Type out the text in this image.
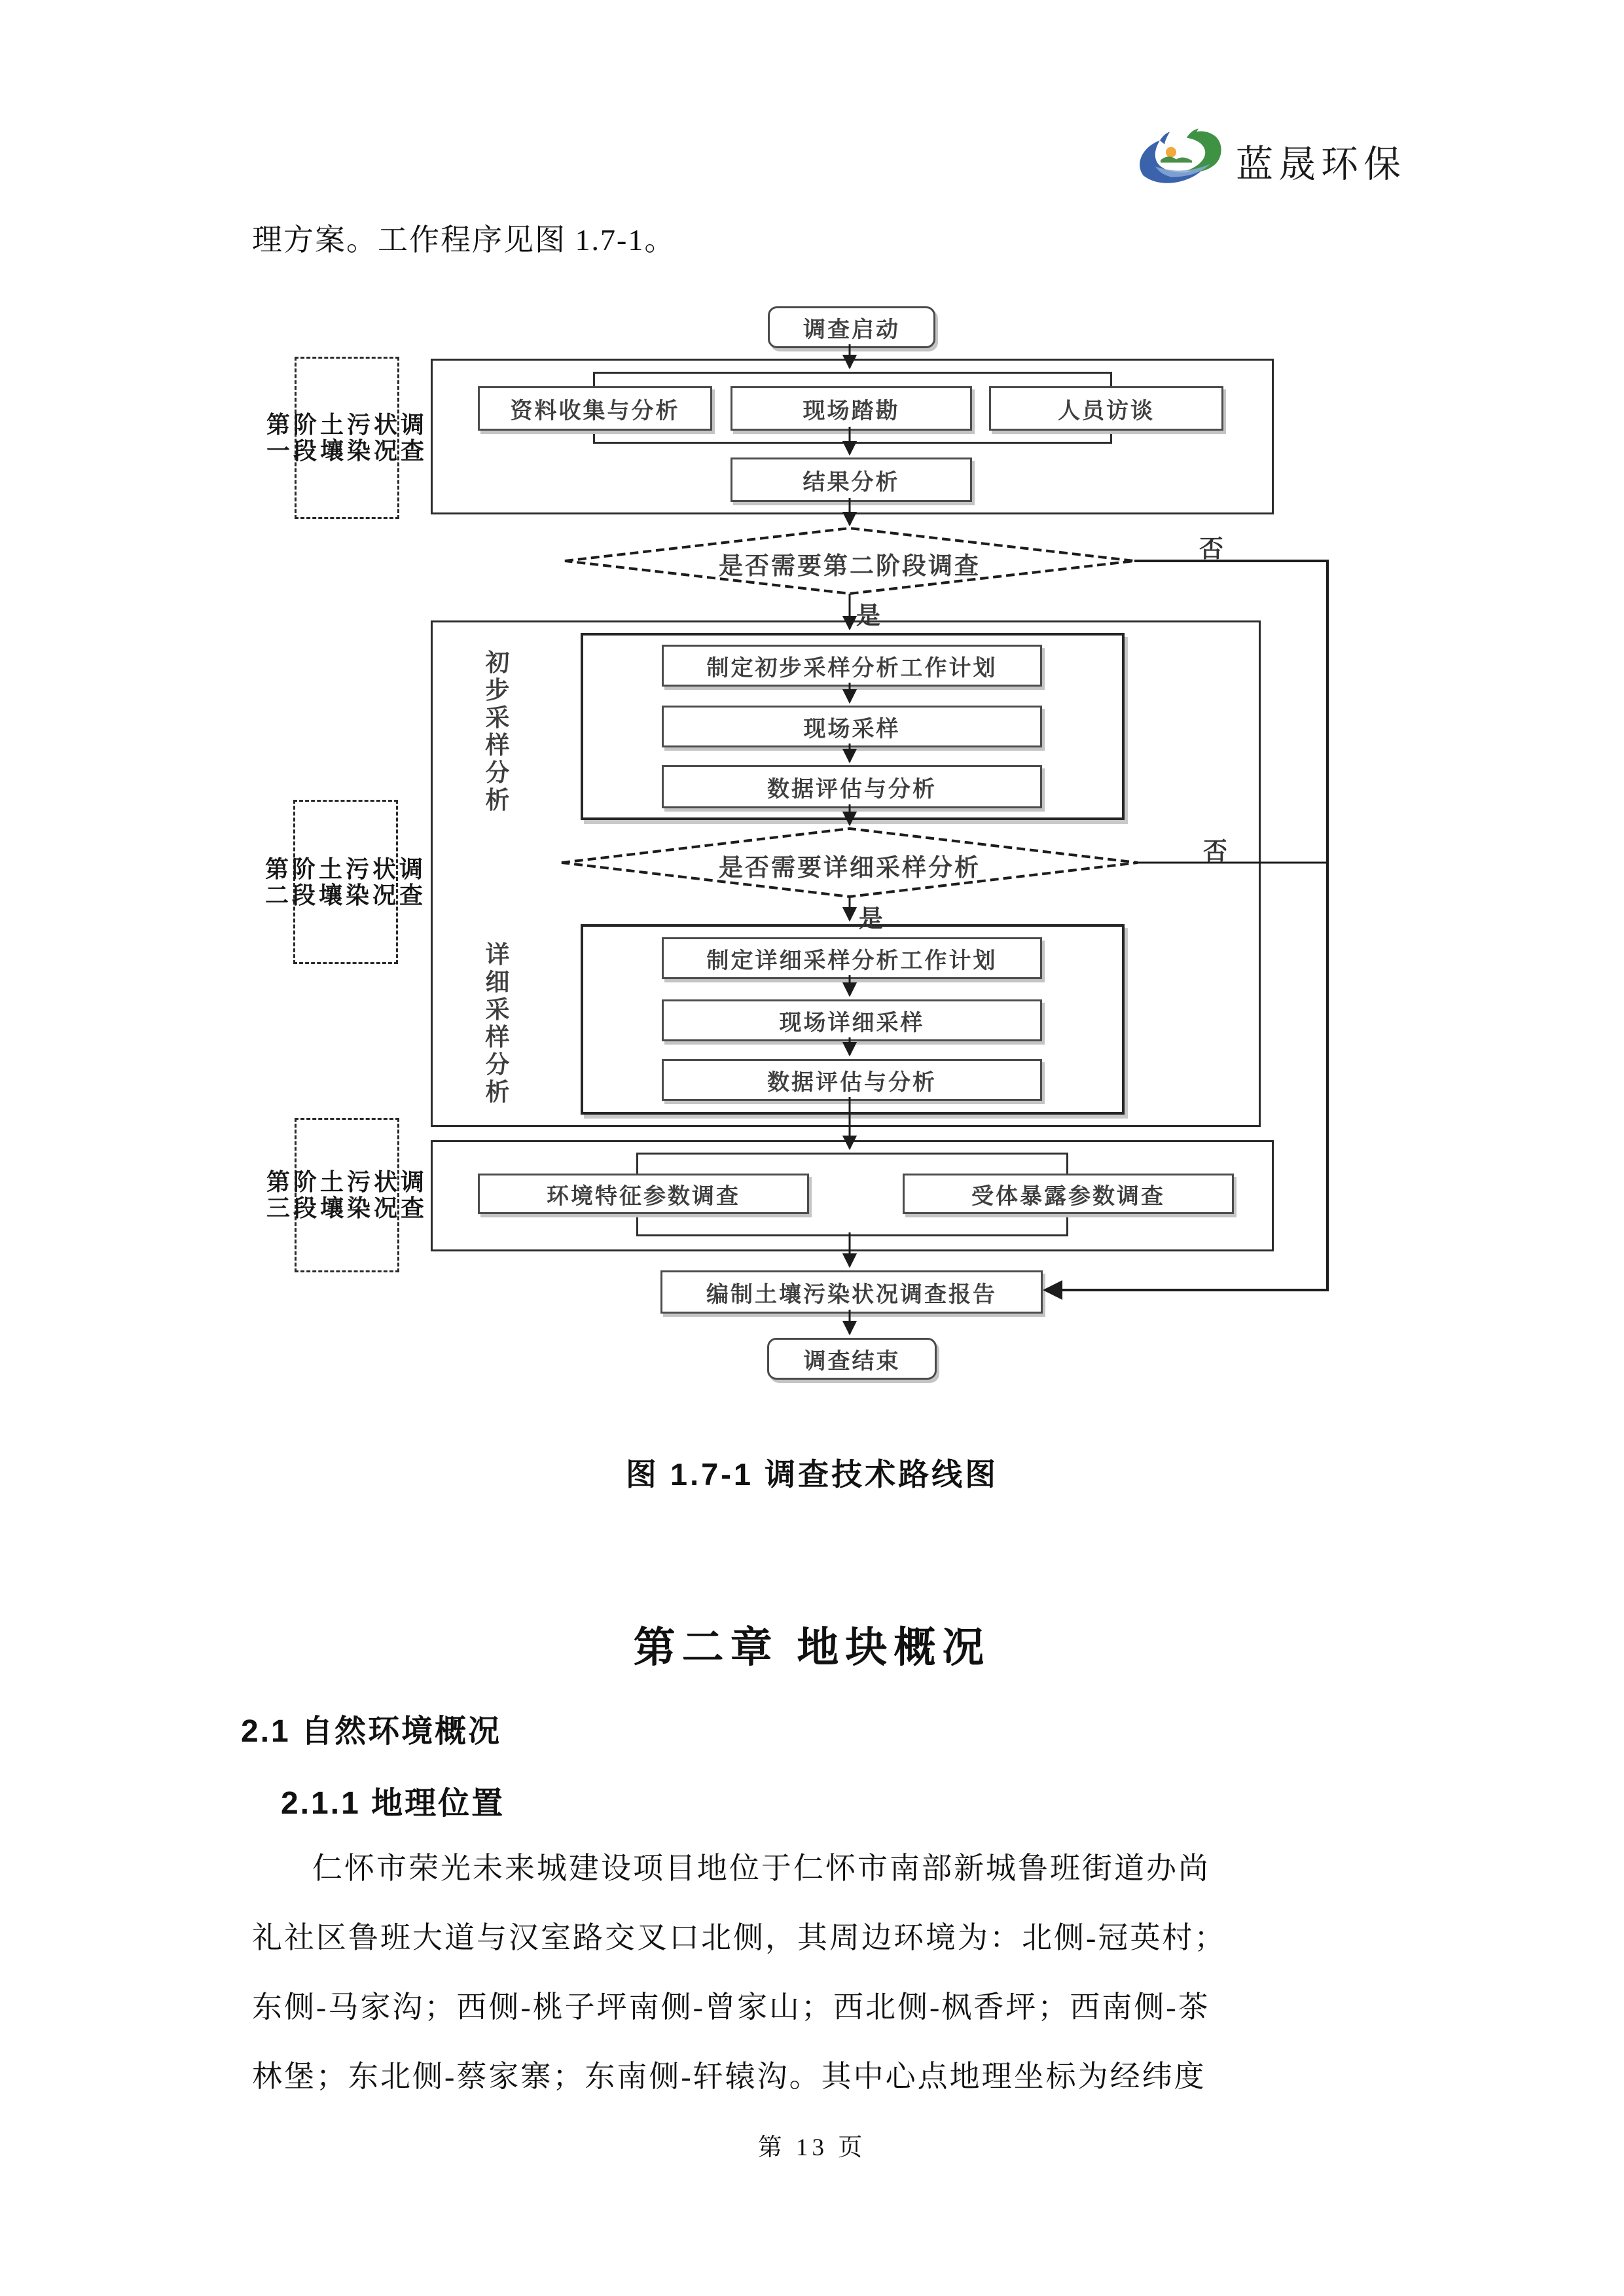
蓝晟环保
理方案。工作程序见图 1.7-1。
第一

阶段

土壤

污染

状况

调查
第二

阶段

土壤

污染

状况

调查
第三

阶段

土壤

污染

状况

调查
初
步
采
样
分
析
详
细
采
样
分
析
调查启动
资料收集与分析	现场踏勘	人员访谈
结果分析
制定初步采样分析工作计划
现场采样
数据评估与分析
制定详细采样分析工作计划
现场详细采样
数据评估与分析
环境特征参数调查	受体暴露参数调查
编制土壤污染状况调查报告
调查结束
是否需要第二阶段调查
是
否
是否需要详细采样分析
是
否
图 1.7-1 调查技术路线图
第二章 地块概况
2.1 自然环境概况
2.1.1 地理位置
仁怀市荣光未来城建设项目地位于仁怀市南部新城鲁班街道办尚
礼社区鲁班大道与汉室路交叉口北侧，其周边环境为：北侧-冠英村；
东侧-马家沟；西侧-桃子坪南侧-曾家山；西北侧-枫香坪；西南侧-茶
林堡；东北侧-蔡家寨；东南侧-轩辕沟。其中心点地理坐标为经纬度
第 13 页
